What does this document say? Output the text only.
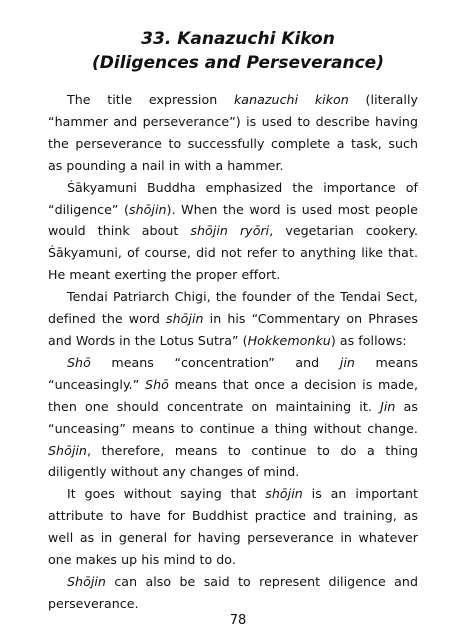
33. Kanazuchi Kikon
(Diligences and Perseverance)

The title expression kanazuchi kikon (literally “hammer and perseverance”) is used to describe having the perseverance to successfully complete a task, such as pounding a nail in with a hammer.

Śākyamuni Buddha emphasized the importance of “diligence” (shōjin). When the word is used most people would think about shōjin ryōri, vegetarian cookery. Śākyamuni, of course, did not refer to anything like that. He meant exerting the proper effort.

Tendai Patriarch Chigi, the founder of the Tendai Sect, defined the word shōjin in his “Commentary on Phrases and Words in the Lotus Sutra” (Hokkemonku) as follows:

Shō means “concentration” and jin means “unceasingly.” Shō means that once a decision is made, then one should concentrate on maintaining it. Jin as “unceasing” means to continue a thing without change. Shōjin, therefore, means to continue to do a thing diligently without any changes of mind.

It goes without saying that shōjin is an important attribute to have for Buddhist practice and training, as well as in general for having perseverance in whatever one makes up his mind to do.

Shōjin can also be said to represent diligence and perseverance.

78
